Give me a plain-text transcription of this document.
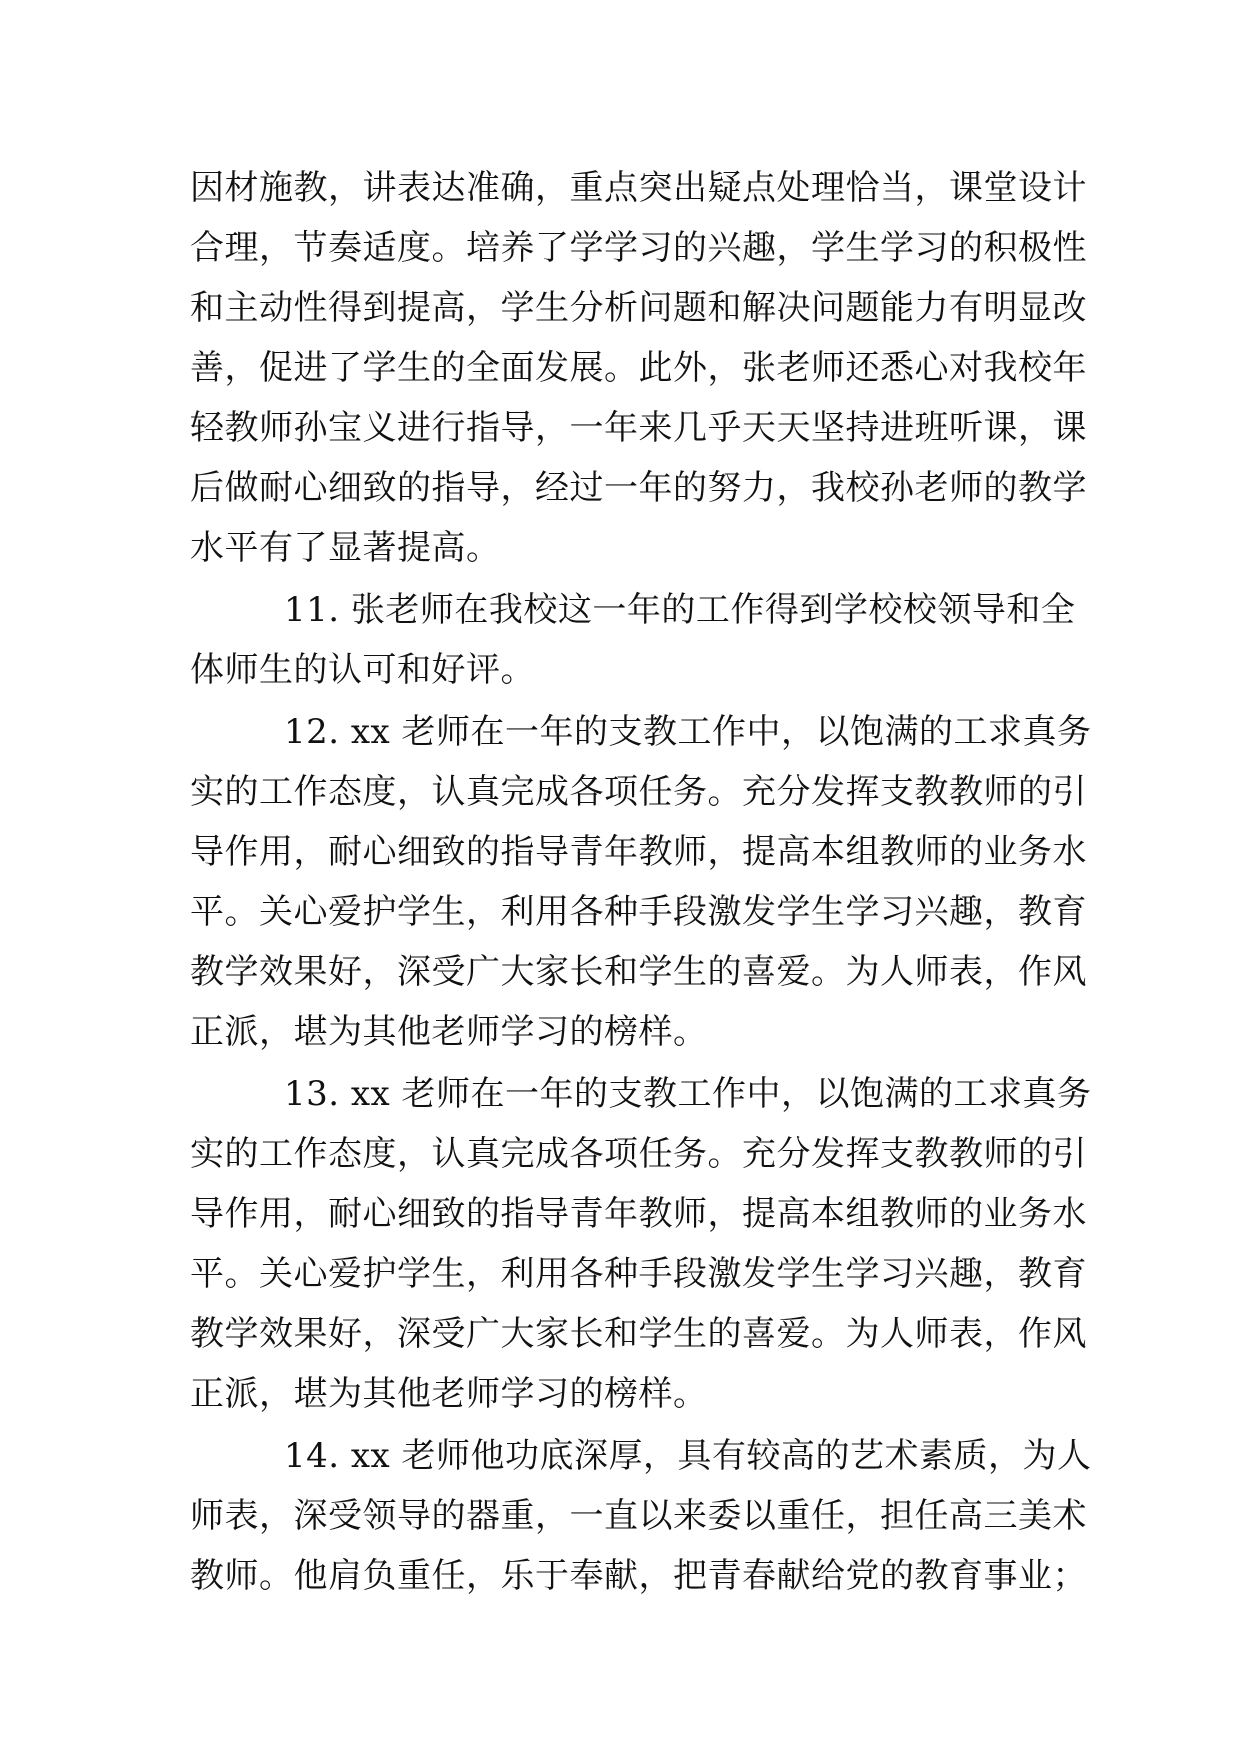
因材施教，讲表达准确，重点突出疑点处理恰当，课堂设计
合理，节奏适度。培养了学学习的兴趣，学生学习的积极性
和主动性得到提高，学生分析问题和解决问题能力有明显改
善，促进了学生的全面发展。此外，张老师还悉心对我校年
轻教师孙宝义进行指导，一年来几乎天天坚持进班听课，课
后做耐心细致的指导，经过一年的努力，我校孙老师的教学
水平有了显著提高。
11. 张老师在我校这一年的工作得到学校校领导和全
体师生的认可和好评。
12. xx 老师在一年的支教工作中，以饱满的工求真务
实的工作态度，认真完成各项任务。充分发挥支教教师的引
导作用，耐心细致的指导青年教师，提高本组教师的业务水
平。关心爱护学生，利用各种手段激发学生学习兴趣，教育
教学效果好，深受广大家长和学生的喜爱。为人师表，作风
正派，堪为其他老师学习的榜样。
13. xx 老师在一年的支教工作中，以饱满的工求真务
实的工作态度，认真完成各项任务。充分发挥支教教师的引
导作用，耐心细致的指导青年教师，提高本组教师的业务水
平。关心爱护学生，利用各种手段激发学生学习兴趣，教育
教学效果好，深受广大家长和学生的喜爱。为人师表，作风
正派，堪为其他老师学习的榜样。
14. xx 老师他功底深厚，具有较高的艺术素质，为人
师表，深受领导的器重，一直以来委以重任，担任高三美术
教师。他肩负重任，乐于奉献，把青春献给党的教育事业；
